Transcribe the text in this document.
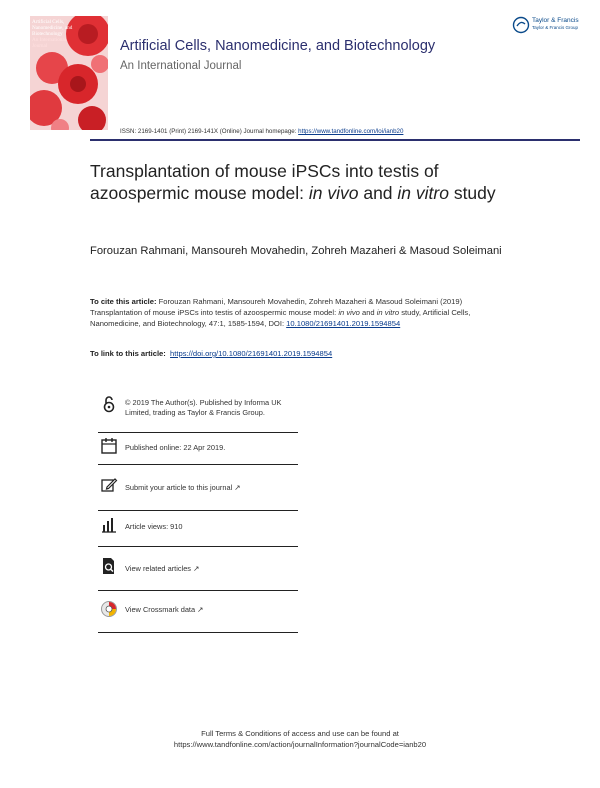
Artificial Cells, Nanomedicine, and Biotechnology
An International Journal	Artificial Cells, Nanomedicine, and Biotechnology
An International Journal
Taylor & Francis
Taylor & Francis Group
ISSN: 2169-1401 (Print) 2169-141X (Online) Journal homepage: https://www.tandfonline.com/loi/ianb20
Transplantation of mouse iPSCs into testis of azoospermic mouse model: in vivo and in vitro study
Forouzan Rahmani, Mansoureh Movahedin, Zohreh Mazaheri & Masoud Soleimani
To cite this article: Forouzan Rahmani, Mansoureh Movahedin, Zohreh Mazaheri & Masoud Soleimani (2019) Transplantation of mouse iPSCs into testis of azoospermic mouse model: in vivo and in vitro study, Artificial Cells, Nanomedicine, and Biotechnology, 47:1, 1585-1594, DOI: 10.1080/21691401.2019.1594854
To link to this article: https://doi.org/10.1080/21691401.2019.1594854
© 2019 The Author(s). Published by Informa UK Limited, trading as Taylor & Francis Group.
Published online: 22 Apr 2019.
Submit your article to this journal ↗
Article views: 910
View related articles ↗
View Crossmark data ↗
Full Terms & Conditions of access and use can be found at
https://www.tandfonline.com/action/journalInformation?journalCode=ianb20
